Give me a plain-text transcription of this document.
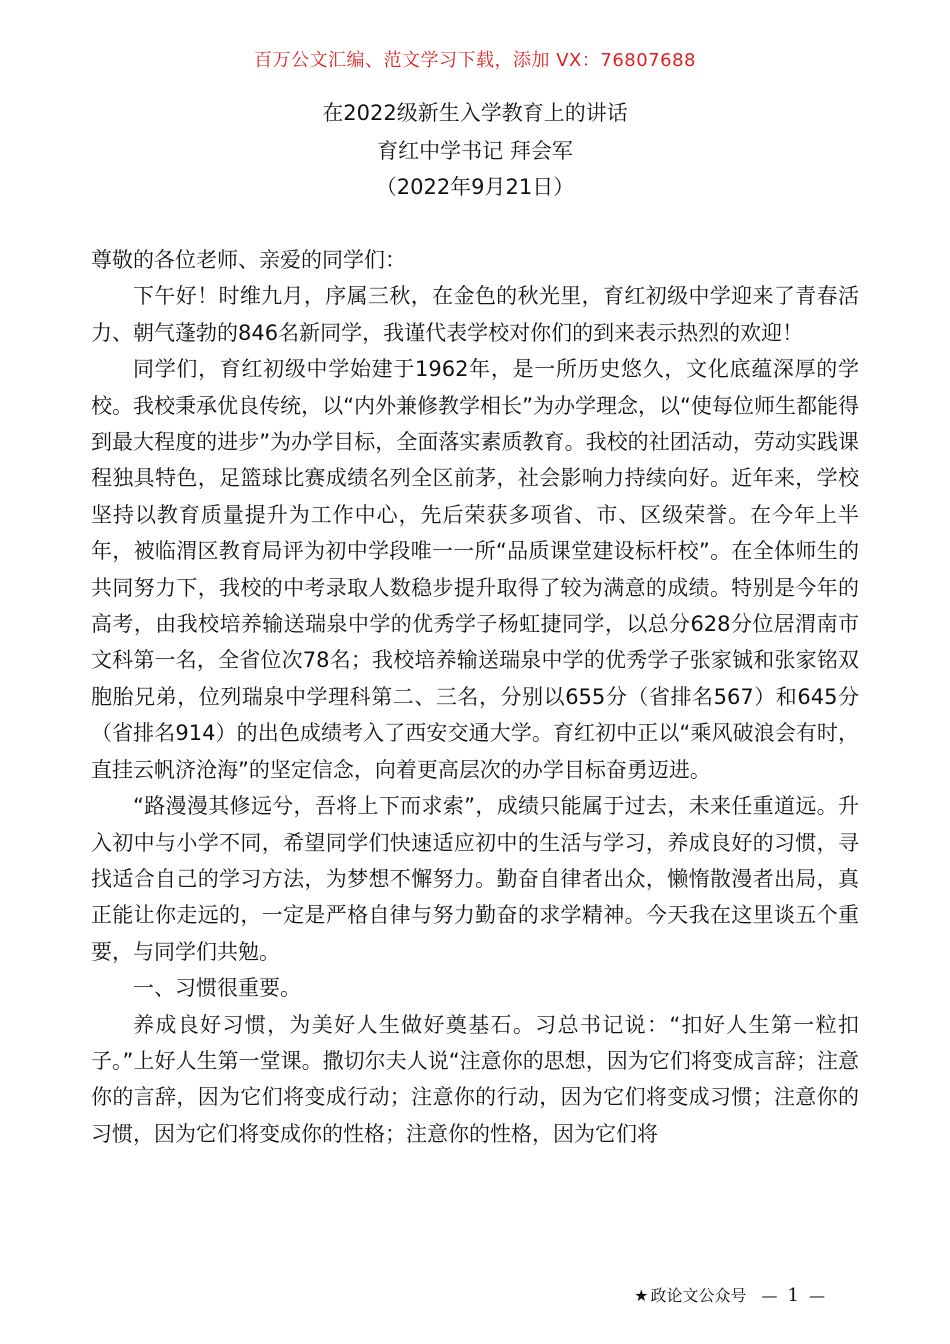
百万公文汇编、范文学习下载，添加 VX：76807688
在2022级新生入学教育上的讲话
育红中学书记 拜会军
（2022年9月21日）

尊敬的各位老师、亲爱的同学们：

下午好！时维九月，序属三秋，在金色的秋光里，育红初级中学迎来了青春活力、朝气蓬勃的846名新同学，我谨代表学校对你们的到来表示热烈的欢迎！

同学们，育红初级中学始建于1962年，是一所历史悠久，文化底蕴深厚的学校。我校秉承优良传统，以“内外兼修教学相长”为办学理念，以“使每位师生都能得到最大程度的进步”为办学目标，全面落实素质教育。我校的社团活动，劳动实践课程独具特色，足篮球比赛成绩名列全区前茅，社会影响力持续向好。近年来，学校坚持以教育质量提升为工作中心，先后荣获多项省、市、区级荣誉。在今年上半年，被临渭区教育局评为初中学段唯一一所“品质课堂建设标杆校”。在全体师生的共同努力下，我校的中考录取人数稳步提升取得了较为满意的成绩。特别是今年的高考，由我校培养输送瑞泉中学的优秀学子杨虹捷同学，以总分628分位居渭南市文科第一名，全省位次78名；我校培养输送瑞泉中学的优秀学子张家铖和张家铭双胞胎兄弟，位列瑞泉中学理科第二、三名，分别以655分（省排名567）和645分（省排名914）的出色成绩考入了西安交通大学。育红初中正以“乘风破浪会有时，直挂云帆济沧海”的坚定信念，向着更高层次的办学目标奋勇迈进。

“路漫漫其修远兮，吾将上下而求索”，成绩只能属于过去，未来任重道远。升入初中与小学不同，希望同学们快速适应初中的生活与学习，养成良好的习惯，寻找适合自己的学习方法，为梦想不懈努力。勤奋自律者出众，懒惰散漫者出局，真正能让你走远的，一定是严格自律与努力勤奋的求学精神。今天我在这里谈五个重要，与同学们共勉。

一、习惯很重要。

养成良好习惯，为美好人生做好奠基石。习总书记说：“扣好人生第一粒扣子。”上好人生第一堂课。撒切尔夫人说“注意你的思想，因为它们将变成言辞；注意你的言辞，因为它们将变成行动；注意你的行动，因为它们将变成习惯；注意你的习惯，因为它们将变成你的性格；注意你的性格，因为它们将

★ 政论文公众号 — 1 —
